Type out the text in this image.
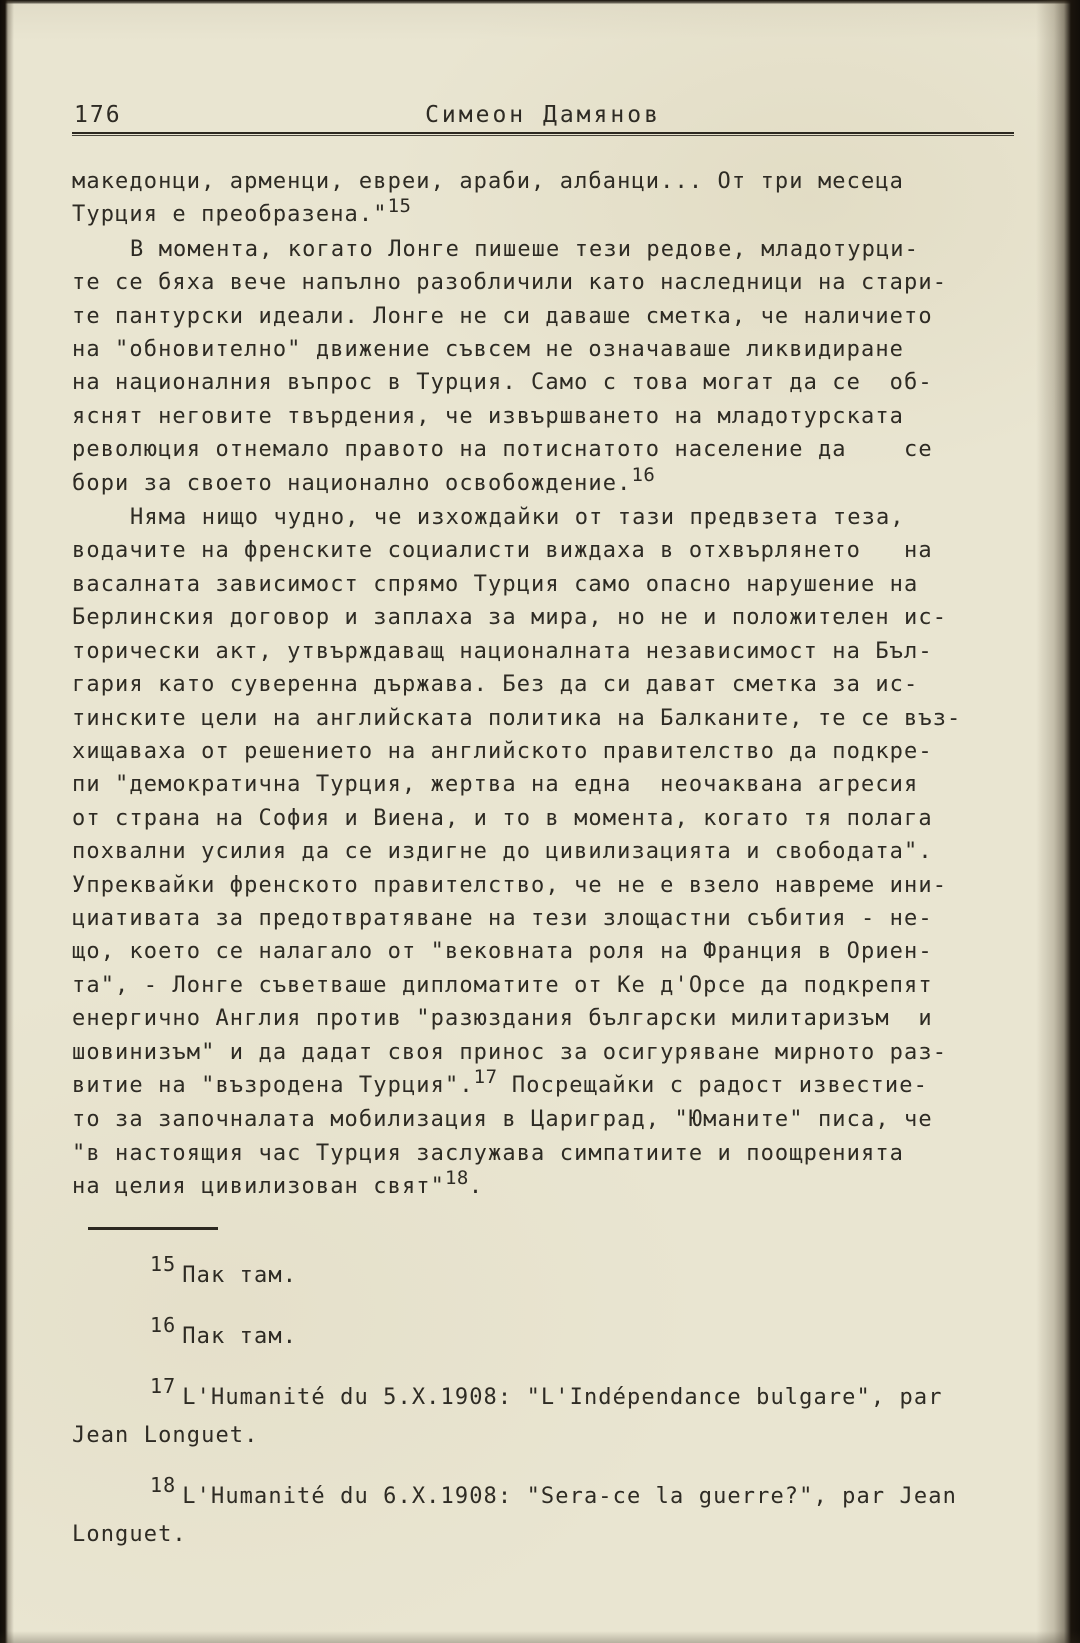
176	Симеон Дамянов
македонци, арменци, евреи, араби, албанци... От три месеца
Турция е преобразена."15
В момента, когато Лонге пишеше тези редове, младотурци-
те се бяха вече напълно разобличили като наследници на стари-
те пантурски идеали. Лонге не си даваше сметка, че наличието
на "обновително" движение съвсем не означаваше ликвидиране
на националния въпрос в Турция. Само с това могат да се  об-
яснят неговите твърдения, че извършването на младотурската
революция отнемало правото на потиснатото население да    се
бори за своето национално освобождение.16
Няма нищо чудно, че изхождайки от тази предвзета теза,
водачите на френските социалисти виждаха в отхвърлянето   на
васалната зависимост спрямо Турция само опасно нарушение на
Берлинския договор и заплаха за мира, но не и положителен ис-
торически акт, утвърждаващ националната независимост на Бъл-
гария като суверенна държава. Без да си дават сметка за ис-
тинските цели на английската политика на Балканите, те се въз-
хищаваха от решението на английското правителство да подкре-
пи "демократична Турция, жертва на една  неочаквана агресия
от страна на София и Виена, и то в момента, когато тя полага
похвални усилия да се издигне до цивилизацията и свободата".
Упреквайки френското правителство, че не е взело навреме ини-
циативата за предотвратяване на тези злощастни събития - не-
що, което се налагало от "вековната роля на Франция в Ориен-
та", - Лонге съветваше дипломатите от Ке д'Орсе да подкрепят
енергично Англия против "разюздания български милитаризъм  и
шовинизъм" и да дадат своя принос за осигуряване мирното раз-
витие на "възродена Турция".17 Посрещайки с радост известие-
то за започналата мобилизация в Цариград, "Юманите" писа, че
"в настоящия час Турция заслужава симпатиите и поощренията
на целия цивилизован свят"18.
15 Пак там.
16 Пак там.
17 L'Humanité du 5.X.1908: "L'Indépendance bulgare", par
Jean Longuet.
18 L'Humanité du 6.X.1908: "Sera-ce la guerre?", par Jean
Longuet.
